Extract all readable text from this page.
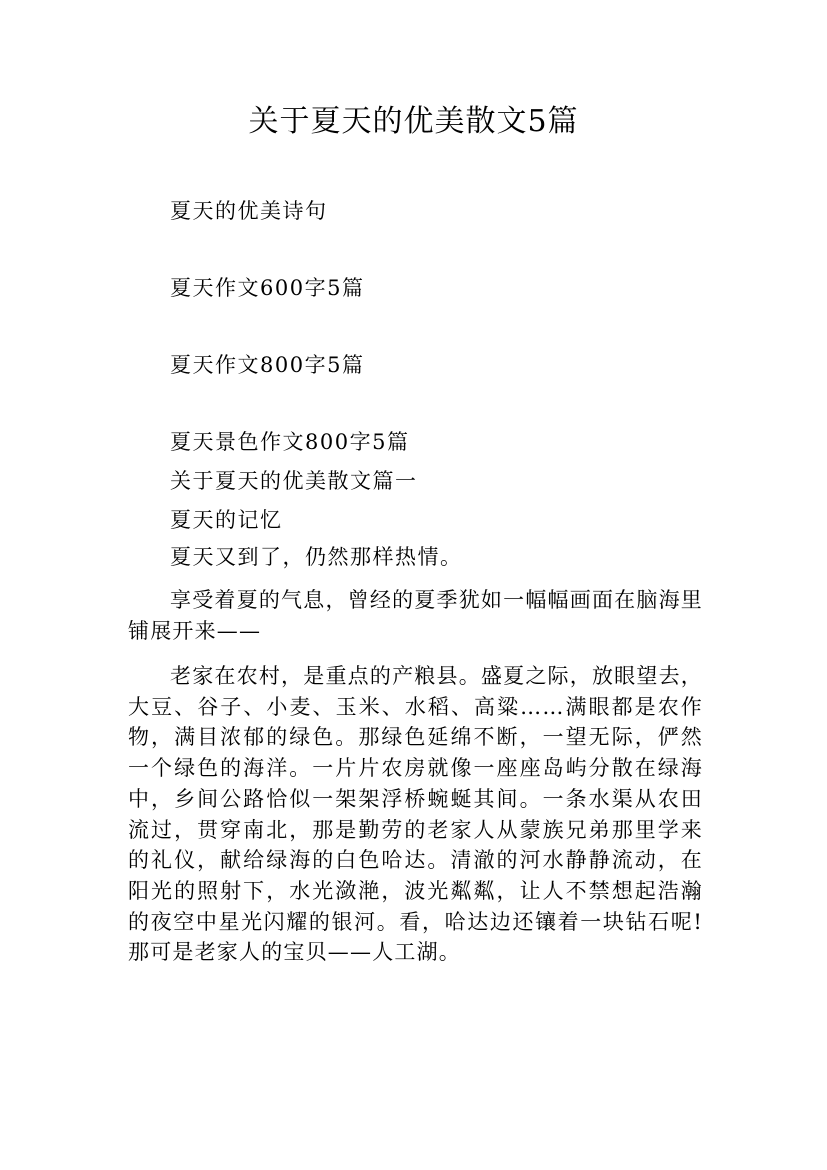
关于夏天的优美散文5篇
夏天的优美诗句
夏天作文600字5篇
夏天作文800字5篇
夏天景色作文800字5篇
关于夏天的优美散文篇一
夏天的记忆
夏天又到了，仍然那样热情。

享受着夏的气息，曾经的夏季犹如一幅幅画面在脑海里铺展开来——

老家在农村，是重点的产粮县。盛夏之际，放眼望去，大豆、谷子、小麦、玉米、水稻、高粱……满眼都是农作物，满目浓郁的绿色。那绿色延绵不断，一望无际，俨然一个绿色的海洋。一片片农房就像一座座岛屿分散在绿海中，乡间公路恰似一架架浮桥蜿蜒其间。一条水渠从农田流过，贯穿南北，那是勤劳的老家人从蒙族兄弟那里学来的礼仪，献给绿海的白色哈达。清澈的河水静静流动，在阳光的照射下，水光潋滟，波光粼粼，让人不禁想起浩瀚的夜空中星光闪耀的银河。看，哈达边还镶着一块钻石呢!那可是老家人的宝贝——人工湖。
